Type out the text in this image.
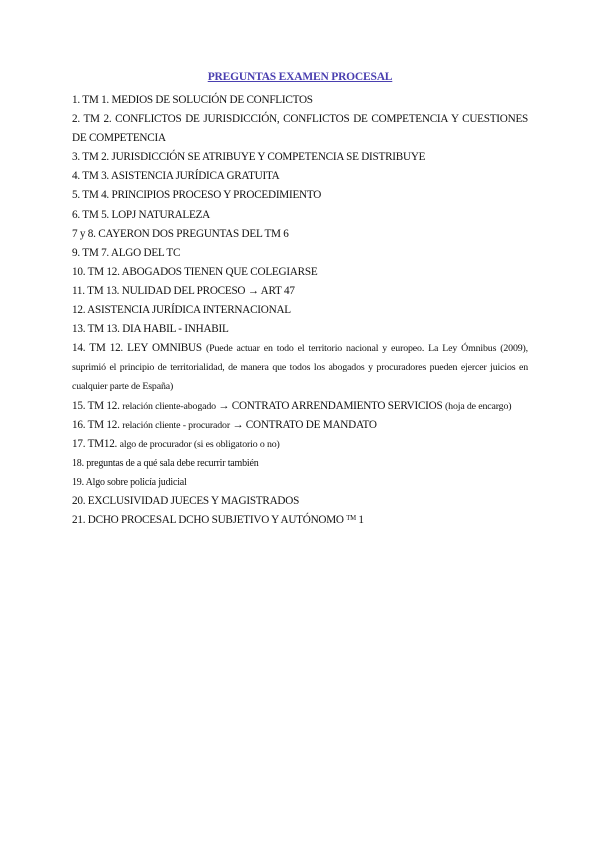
PREGUNTAS EXAMEN PROCESAL

1. TM 1. MEDIOS DE SOLUCIÓN DE CONFLICTOS

2. TM 2. CONFLICTOS DE JURISDICCIÓN, CONFLICTOS DE COMPETENCIA Y CUESTIONES DE COMPETENCIA

3. TM 2. JURISDICCIÓN SE ATRIBUYE Y COMPETENCIA SE DISTRIBUYE

4. TM 3. ASISTENCIA JURÍDICA GRATUITA

5. TM 4. PRINCIPIOS PROCESO Y PROCEDIMIENTO

6. TM 5. LOPJ NATURALEZA

7 y 8. CAYERON DOS PREGUNTAS DEL TM 6

9. TM 7. ALGO DEL TC

10. TM 12. ABOGADOS TIENEN QUE COLEGIARSE

11. TM 13. NULIDAD DEL PROCESO → ART 47

12. ASISTENCIA JURÍDICA INTERNACIONAL

13. TM 13. DIA HABIL - INHABIL

14. TM 12. LEY OMNIBUS (Puede actuar en todo el territorio nacional y europeo. La Ley Ómnibus (2009), suprimió el principio de territorialidad, de manera que todos los abogados y procuradores pueden ejercer juicios en cualquier parte de España)

15. TM 12. relación cliente-abogado → CONTRATO ARRENDAMIENTO SERVICIOS (hoja de encargo)

16. TM 12. relación cliente - procurador → CONTRATO DE MANDATO

17. TM12. algo de procurador (si es obligatorio o no)

18. preguntas de a qué sala debe recurrir también

19. Algo sobre policía judicial

20. EXCLUSIVIDAD JUECES Y MAGISTRADOS

21. DCHO PROCESAL DCHO SUBJETIVO Y AUTÓNOMO ᵀᴹ 1
